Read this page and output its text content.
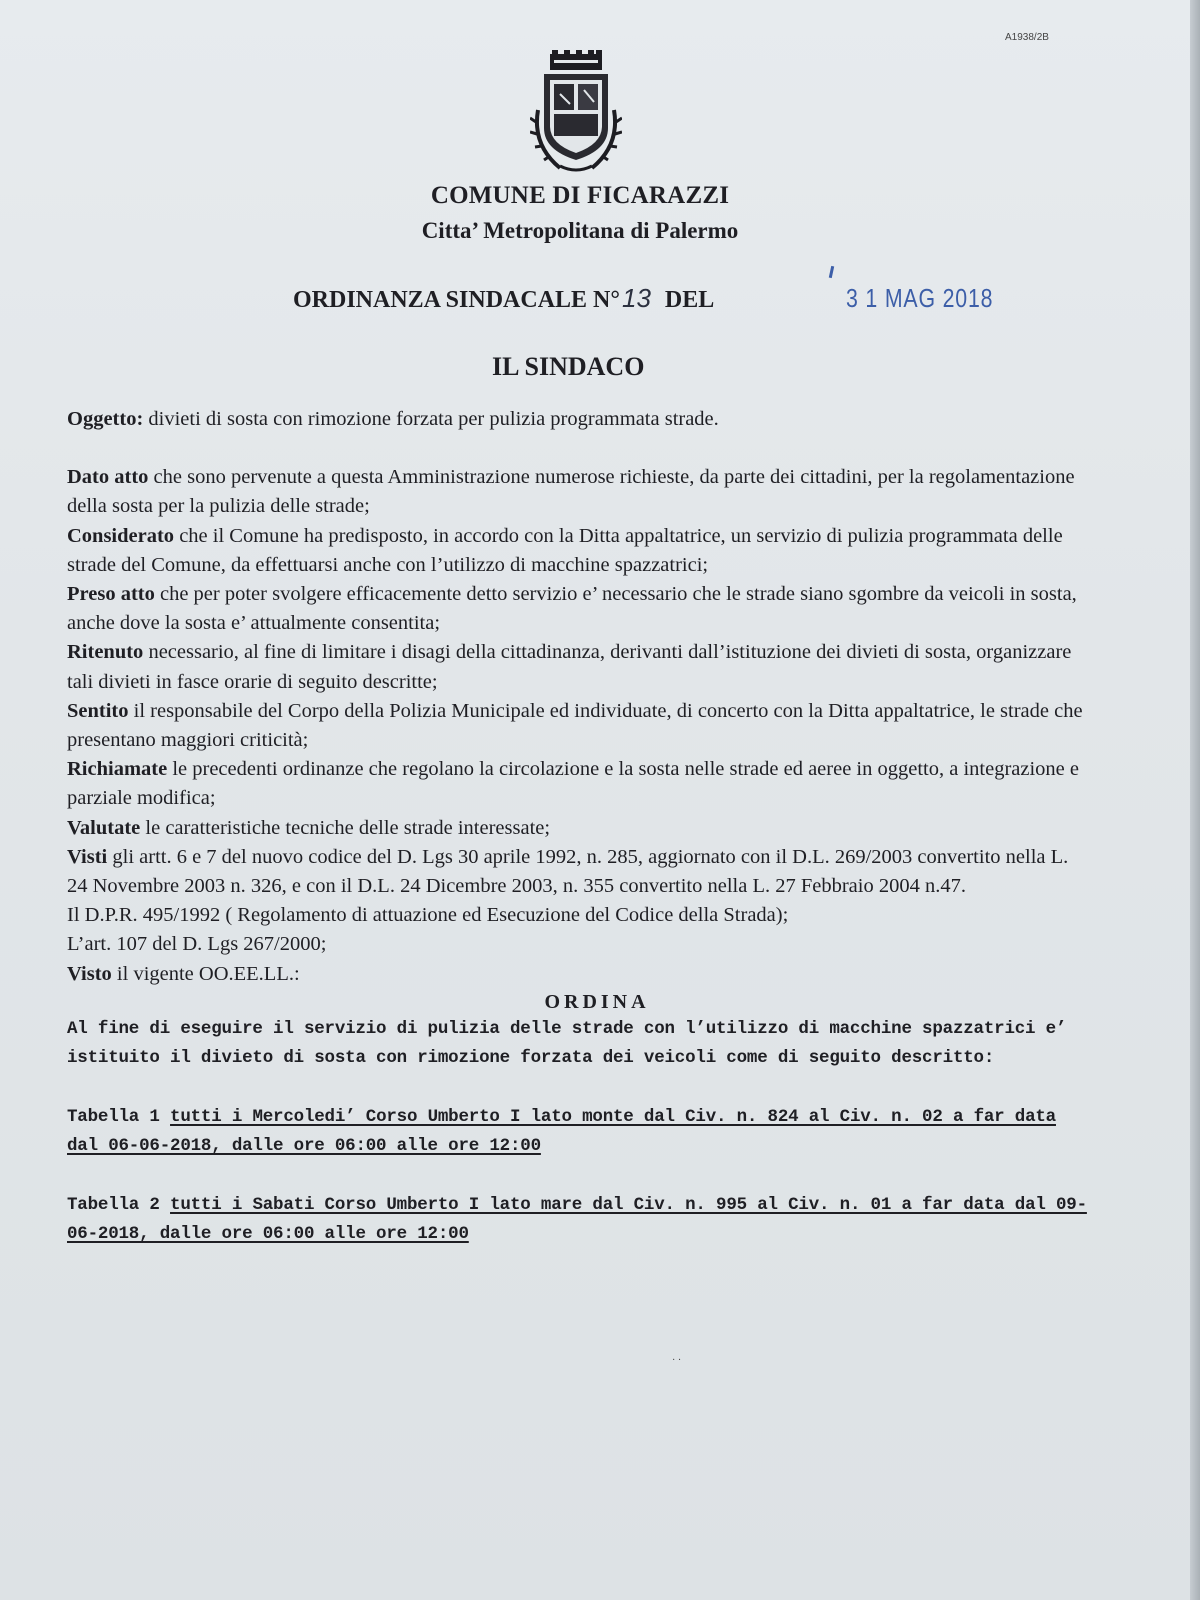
A1938/2B
COMUNE DI FICARAZZI
Citta’ Metropolitana di Palermo
ORDINANZA SINDACALE N°13 DEL	3 1 MAG 2018
IL SINDACO

Oggetto: divieti di sosta con rimozione forzata per pulizia programmata strade.

Dato atto che sono pervenute a questa Amministrazione numerose richieste, da parte dei cittadini, per la regolamentazione della sosta per la pulizia delle strade;

Considerato che il Comune ha predisposto, in accordo con la Ditta appaltatrice, un servizio di pulizia programmata delle strade del Comune, da effettuarsi anche con l’utilizzo di macchine spazzatrici;

Preso atto che per poter svolgere efficacemente detto servizio e’ necessario che le strade siano sgombre da veicoli in sosta, anche dove la sosta e’ attualmente consentita;

Ritenuto necessario, al fine di limitare i disagi della cittadinanza, derivanti dall’istituzione dei divieti di sosta, organizzare tali divieti in fasce orarie di seguito descritte;

Sentito il responsabile del Corpo della Polizia Municipale ed individuate, di concerto con la Ditta appaltatrice, le strade che presentano maggiori criticità;

Richiamate le precedenti ordinanze che regolano la circolazione e la sosta nelle strade ed aeree in oggetto, a integrazione e parziale modifica;

Valutate le caratteristiche tecniche delle strade interessate;

Visti gli artt. 6 e 7 del nuovo codice del D. Lgs 30 aprile 1992, n. 285, aggiornato con il D.L. 269/2003 convertito nella L. 24 Novembre 2003 n. 326, e con il D.L. 24 Dicembre 2003, n. 355 convertito nella L. 27 Febbraio 2004 n.47.

Il D.P.R. 495/1992 ( Regolamento di attuazione ed Esecuzione del Codice della Strada);

L’art. 107 del D. Lgs 267/2000;

Visto il vigente OO.EE.LL.:

ORDINA

Al fine di eseguire il servizio di pulizia delle strade con l’utilizzo di macchine spazzatrici e’ istituito il divieto di sosta con rimozione forzata dei veicoli come di seguito descritto:

Tabella 1 tutti i Mercoledi’ Corso Umberto I lato monte dal Civ. n. 824 al Civ. n. 02 a far data dal 06-06-2018, dalle ore 06:00 alle ore 12:00

Tabella 2 tutti i Sabati Corso Umberto I lato mare dal Civ. n. 995 al Civ. n. 01 a far data dal 09-06-2018, dalle ore 06:00 alle ore 12:00

· ·
